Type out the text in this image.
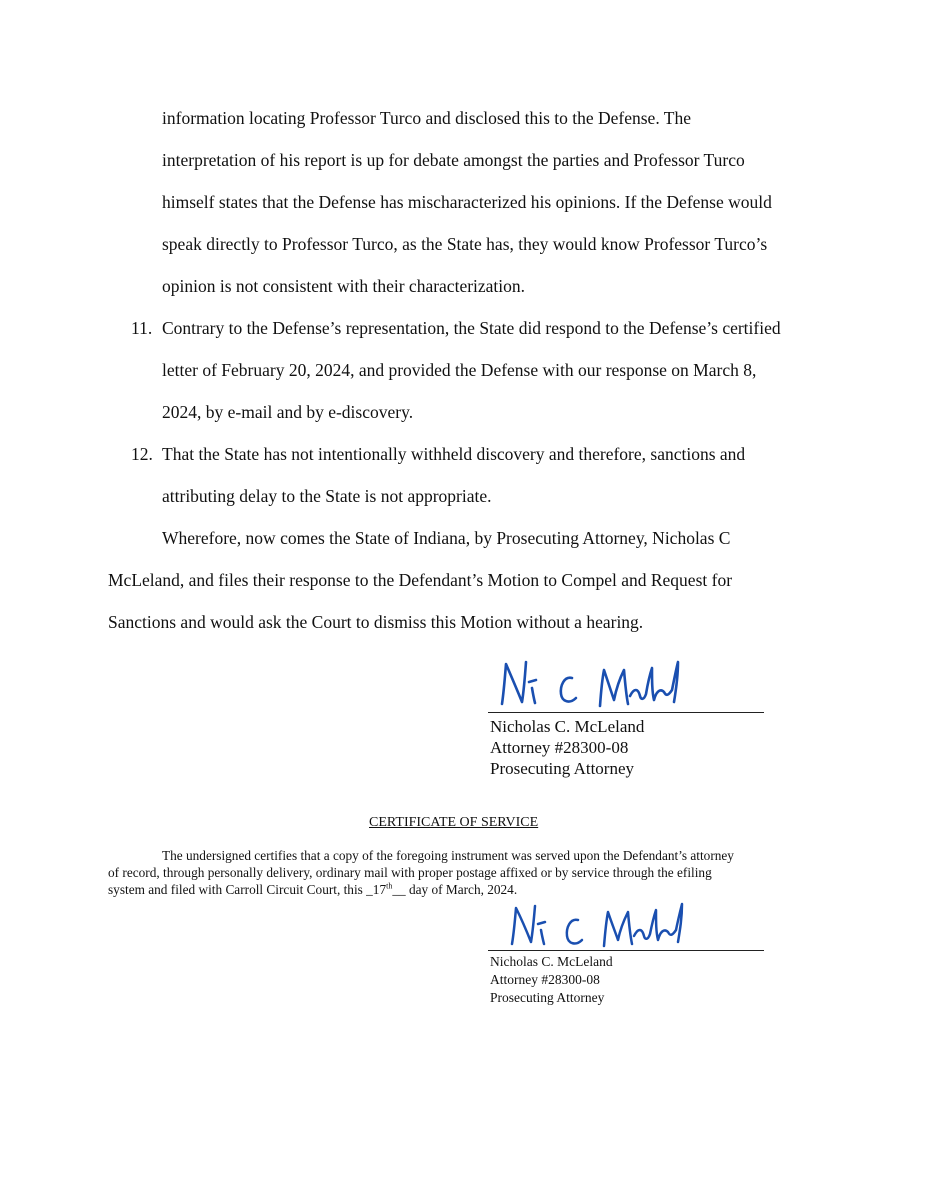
information locating Professor Turco and disclosed this to the Defense. The
interpretation of his report is up for debate amongst the parties and Professor Turco
himself states that the Defense has mischaracterized his opinions. If the Defense would
speak directly to Professor Turco, as the State has, they would know Professor Turco’s
opinion is not consistent with their characterization.
11. Contrary to the Defense’s representation, the State did respond to the Defense’s certified
letter of February 20, 2024, and provided the Defense with our response on March 8,
2024, by e-mail and by e-discovery.
12. That the State has not intentionally withheld discovery and therefore, sanctions and
attributing delay to the State is not appropriate.
Wherefore, now comes the State of Indiana, by Prosecuting Attorney, Nicholas C
McLeland, and files their response to the Defendant’s Motion to Compel and Request for
Sanctions and would ask the Court to dismiss this Motion without a hearing.
Nicholas C. McLeland
Attorney #28300-08
Prosecuting Attorney
CERTIFICATE OF SERVICE
The undersigned certifies that a copy of the foregoing instrument was served upon the Defendant’s attorney
of record, through personally delivery, ordinary mail with proper postage affixed or by service through the efiling
system and filed with Carroll Circuit Court, this _17th__ day of March, 2024.
Nicholas C. McLeland
Attorney #28300-08
Prosecuting Attorney
